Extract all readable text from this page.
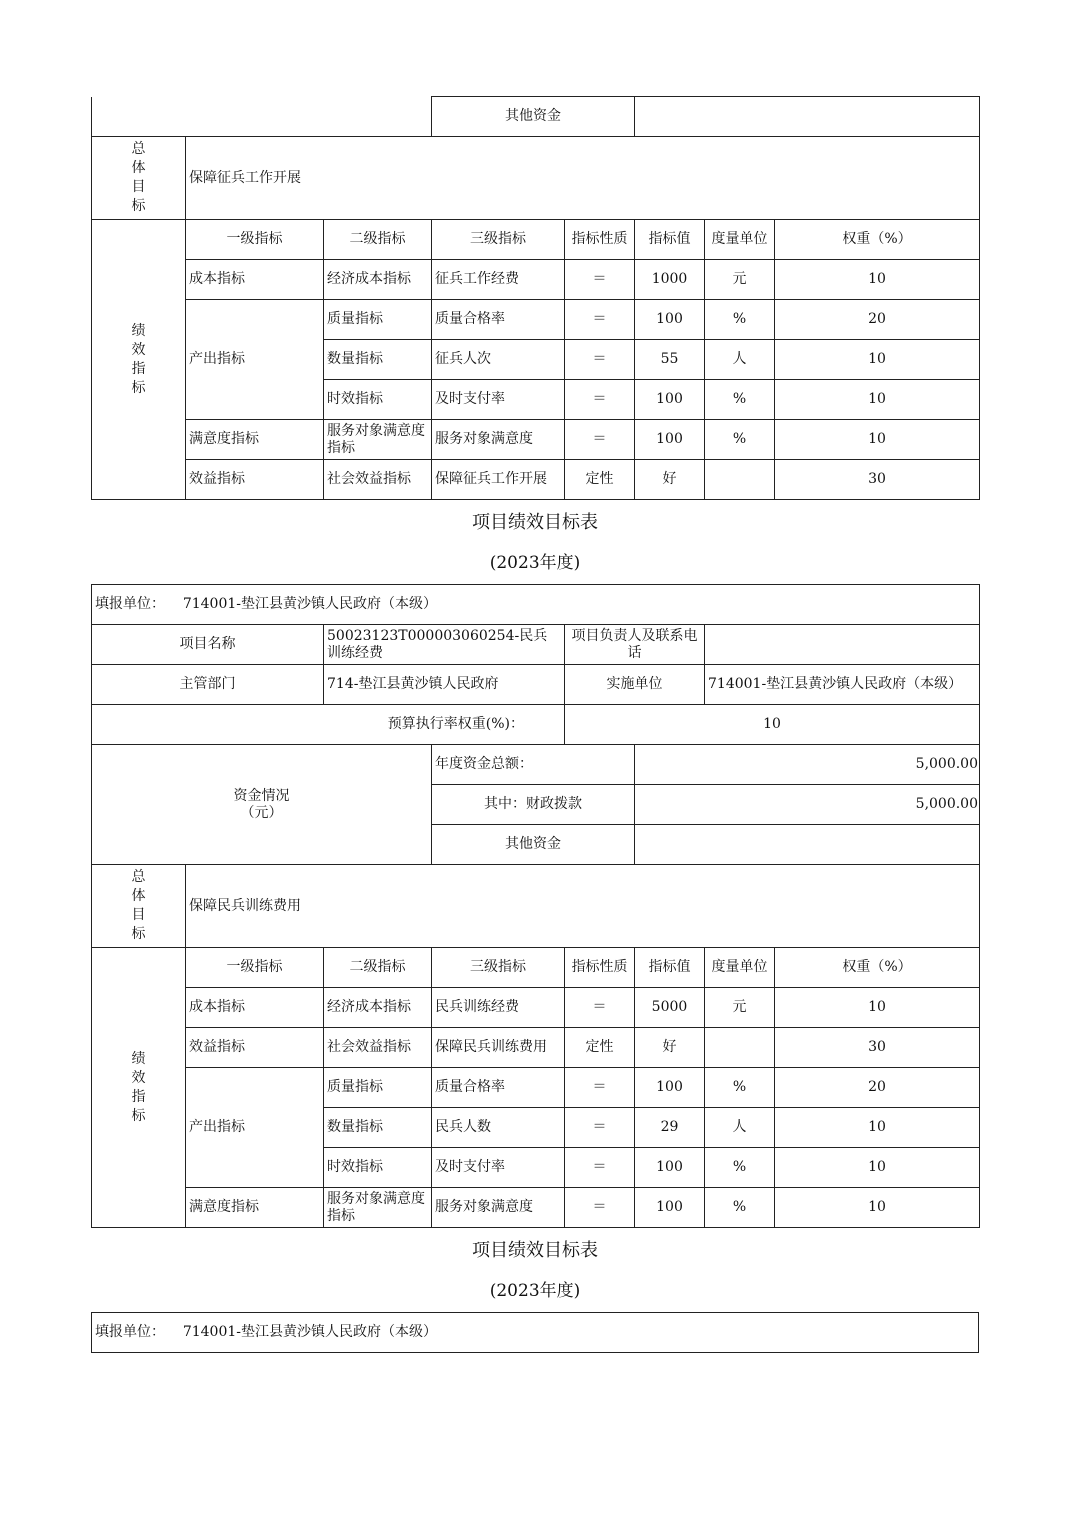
			其他资金				
总
体
目
标	保障征兵工作开展						
绩
效
指
标	一级指标	二级指标	三级指标	指标性质	指标值	度量单位	权重（%）
	成本指标	经济成本指标	征兵工作经费	＝	1000	元	10
	产出指标	质量指标	质量合格率	＝	100	%	20
		数量指标	征兵人次	＝	55	人	10
		时效指标	及时支付率	＝	100	%	10
	满意度指标	服务对象满意度指标	服务对象满意度	＝	100	%	10
	效益指标	社会效益指标	保障征兵工作开展	定性	好		30
项目绩效目标表
(2023年度)
填报单位： 714001-垫江县黄沙镇人民政府（本级）							
项目名称		50023123T000003060254-民兵训练经费		项目负责人及联系电话			
主管部门		714-垫江县黄沙镇人民政府		实施单位		714001-垫江县黄沙镇人民政府（本级）	
预算执行率权重(%)：				10			
资金情况
（元）			年度资金总额：		5,000.00		
			其中：财政拨款		5,000.00		
			其他资金				
总
体
目
标	保障民兵训练费用						
绩
效
指
标	一级指标	二级指标	三级指标	指标性质	指标值	度量单位	权重（%）
	成本指标	经济成本指标	民兵训练经费	＝	5000	元	10
	效益指标	社会效益指标	保障民兵训练费用	定性	好		30
	产出指标	质量指标	质量合格率	＝	100	%	20
		数量指标	民兵人数	＝	29	人	10
		时效指标	及时支付率	＝	100	%	10
	满意度指标	服务对象满意度指标	服务对象满意度	＝	100	%	10
项目绩效目标表
(2023年度)
填报单位： 714001-垫江县黄沙镇人民政府（本级）
